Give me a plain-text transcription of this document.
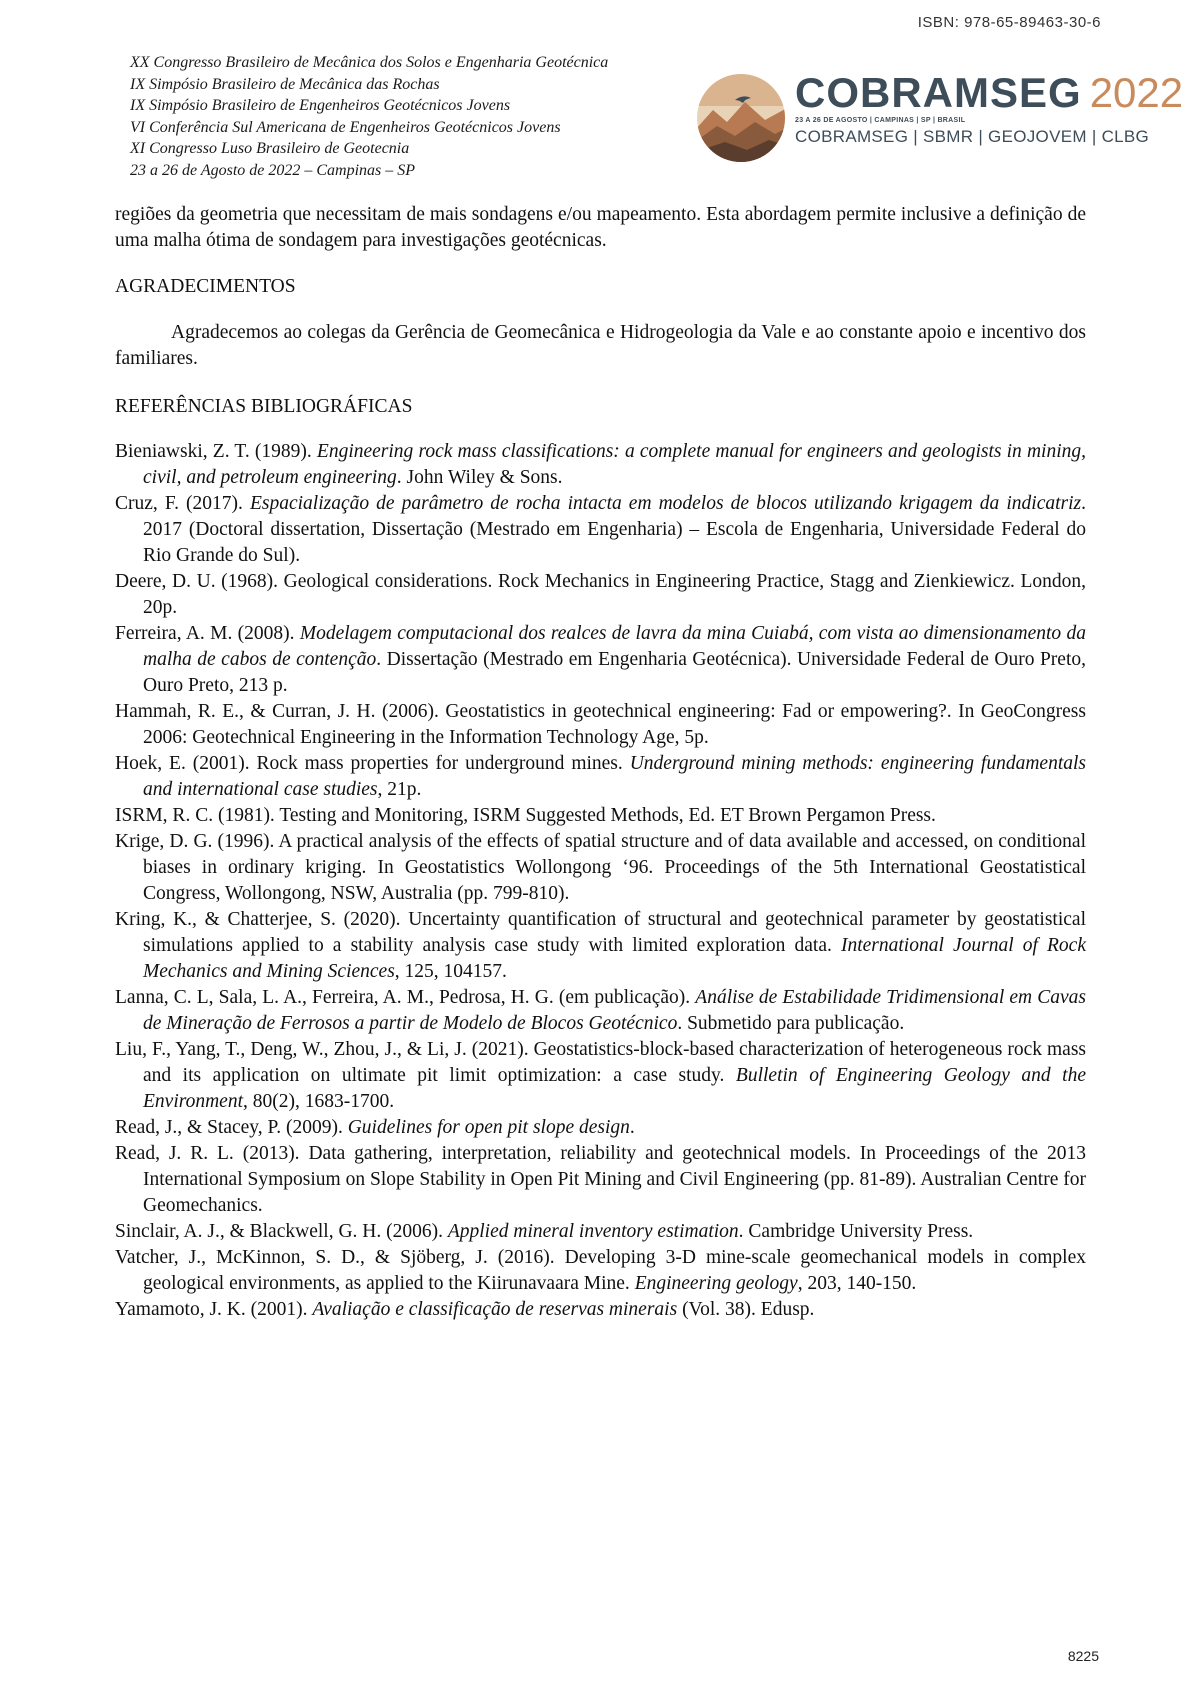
ISBN: 978-65-89463-30-6
XX Congresso Brasileiro de Mecânica dos Solos e Engenharia Geotécnica
IX Simpósio Brasileiro de Mecânica das Rochas
IX Simpósio Brasileiro de Engenheiros Geotécnicos Jovens
VI Conferência Sul Americana de Engenheiros Geotécnicos Jovens
XI Congresso Luso Brasileiro de Geotecnia
23 a 26 de Agosto de 2022 – Campinas – SP
COBRAMSEG 2022
23 A 26 DE AGOSTO | CAMPINAS | SP | BRASIL
COBRAMSEG | SBMR | GEOJOVEM | CLBG

regiões da geometria que necessitam de mais sondagens e/ou mapeamento. Esta abordagem permite inclusive a definição de uma malha ótima de sondagem para investigações geotécnicas.

AGRADECIMENTOS

Agradecemos ao colegas da Gerência de Geomecânica e Hidrogeologia da Vale e ao constante apoio e incentivo dos familiares.

REFERÊNCIAS BIBLIOGRÁFICAS

Bieniawski, Z. T. (1989). Engineering rock mass classifications: a complete manual for engineers and geologists in mining, civil, and petroleum engineering. John Wiley & Sons.

Cruz, F. (2017). Espacialização de parâmetro de rocha intacta em modelos de blocos utilizando krigagem da indicatriz. 2017 (Doctoral dissertation, Dissertação (Mestrado em Engenharia) – Escola de Engenharia, Universidade Federal do Rio Grande do Sul).

Deere, D. U. (1968). Geological considerations. Rock Mechanics in Engineering Practice, Stagg and Zienkiewicz. London, 20p.

Ferreira, A. M. (2008). Modelagem computacional dos realces de lavra da mina Cuiabá, com vista ao dimensionamento da malha de cabos de contenção. Dissertação (Mestrado em Engenharia Geotécnica). Universidade Federal de Ouro Preto, Ouro Preto, 213 p.

Hammah, R. E., & Curran, J. H. (2006). Geostatistics in geotechnical engineering: Fad or empowering?. In GeoCongress 2006: Geotechnical Engineering in the Information Technology Age, 5p.

Hoek, E. (2001). Rock mass properties for underground mines. Underground mining methods: engineering fundamentals and international case studies, 21p.

ISRM, R. C. (1981). Testing and Monitoring, ISRM Suggested Methods, Ed. ET Brown Pergamon Press.

Krige, D. G. (1996). A practical analysis of the effects of spatial structure and of data available and accessed, on conditional biases in ordinary kriging. In Geostatistics Wollongong ‘96. Proceedings of the 5th International Geostatistical Congress, Wollongong, NSW, Australia (pp. 799-810).

Kring, K., & Chatterjee, S. (2020). Uncertainty quantification of structural and geotechnical parameter by geostatistical simulations applied to a stability analysis case study with limited exploration data. International Journal of Rock Mechanics and Mining Sciences, 125, 104157.

Lanna, C. L, Sala, L. A., Ferreira, A. M., Pedrosa, H. G. (em publicação). Análise de Estabilidade Tridimensional em Cavas de Mineração de Ferrosos a partir de Modelo de Blocos Geotécnico. Submetido para publicação.

Liu, F., Yang, T., Deng, W., Zhou, J., & Li, J. (2021). Geostatistics-block-based characterization of heterogeneous rock mass and its application on ultimate pit limit optimization: a case study. Bulletin of Engineering Geology and the Environment, 80(2), 1683-1700.

Read, J., & Stacey, P. (2009). Guidelines for open pit slope design.

Read, J. R. L. (2013). Data gathering, interpretation, reliability and geotechnical models. In Proceedings of the 2013 International Symposium on Slope Stability in Open Pit Mining and Civil Engineering (pp. 81-89). Australian Centre for Geomechanics.

Sinclair, A. J., & Blackwell, G. H. (2006). Applied mineral inventory estimation. Cambridge University Press.

Vatcher, J., McKinnon, S. D., & Sjöberg, J. (2016). Developing 3-D mine-scale geomechanical models in complex geological environments, as applied to the Kiirunavaara Mine. Engineering geology, 203, 140-150.

Yamamoto, J. K. (2001). Avaliação e classificação de reservas minerais (Vol. 38). Edusp.

8225
